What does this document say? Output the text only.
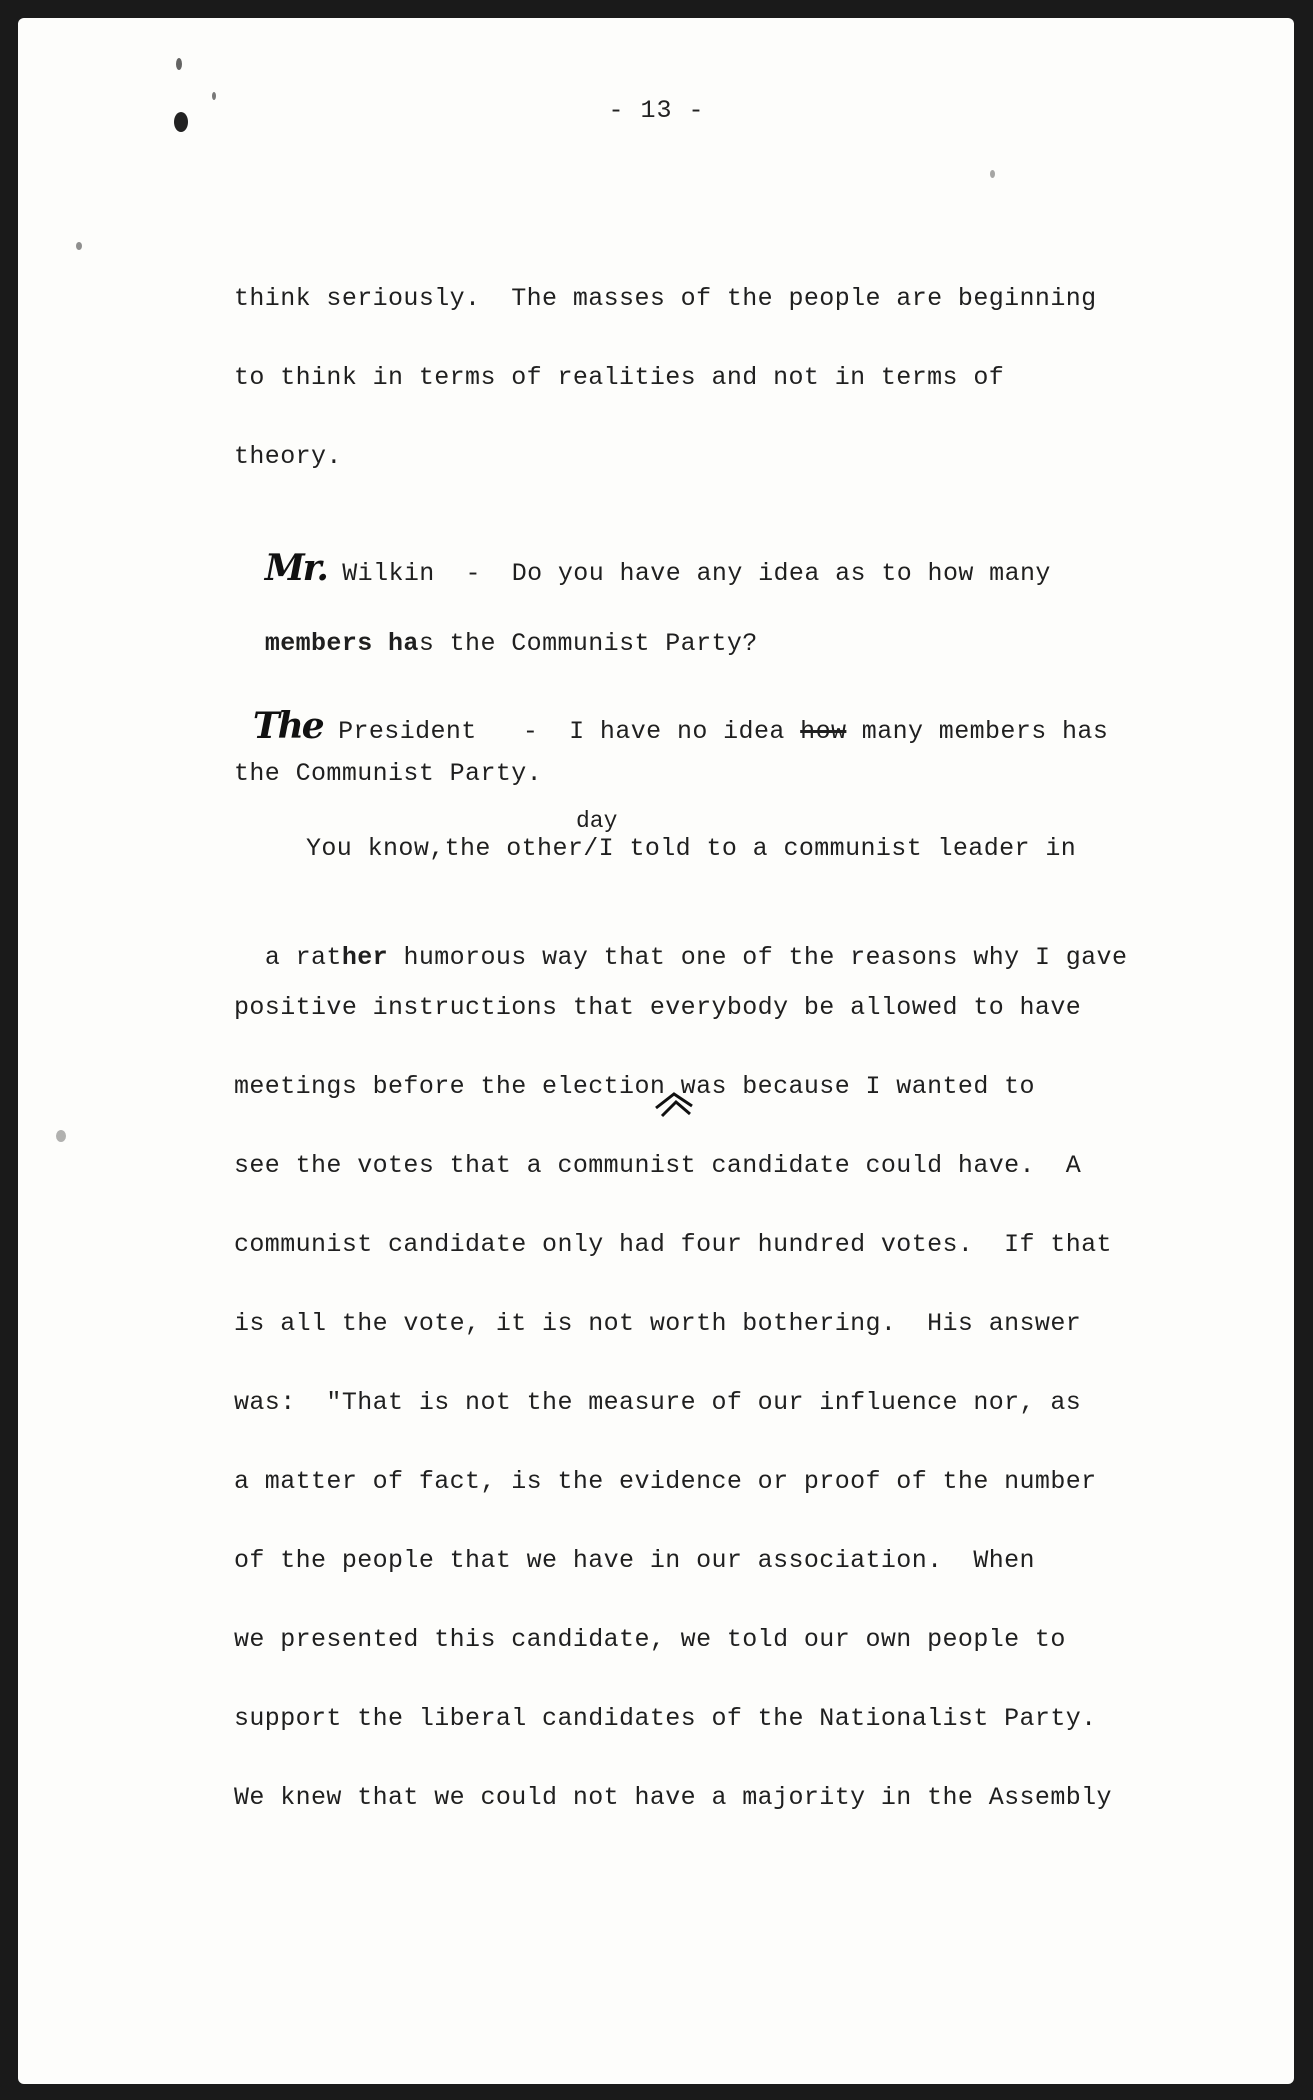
- 13 -
think seriously.  The masses of the people are beginning
to think in terms of realities and not in terms of
theory.

Mr. Wilkin  -  Do you have any idea as to how many

members has the Communist Party?

The President   -  I have no idea how many members has

the Communist Party.
day
You know,the other/I told to a communist leader in

a rather humorous way that one of the reasons why I gave

positive instructions that everybody be allowed to have
meetings before the election was because I wanted to
see the votes that a communist candidate could have.  A
communist candidate only had four hundred votes.  If that
is all the vote, it is not worth bothering.  His answer
was:  "That is not the measure of our influence nor, as
a matter of fact, is the evidence or proof of the number
of the people that we have in our association.  When
we presented this candidate, we told our own people to
support the liberal candidates of the Nationalist Party.
We knew that we could not have a majority in the Assembly
